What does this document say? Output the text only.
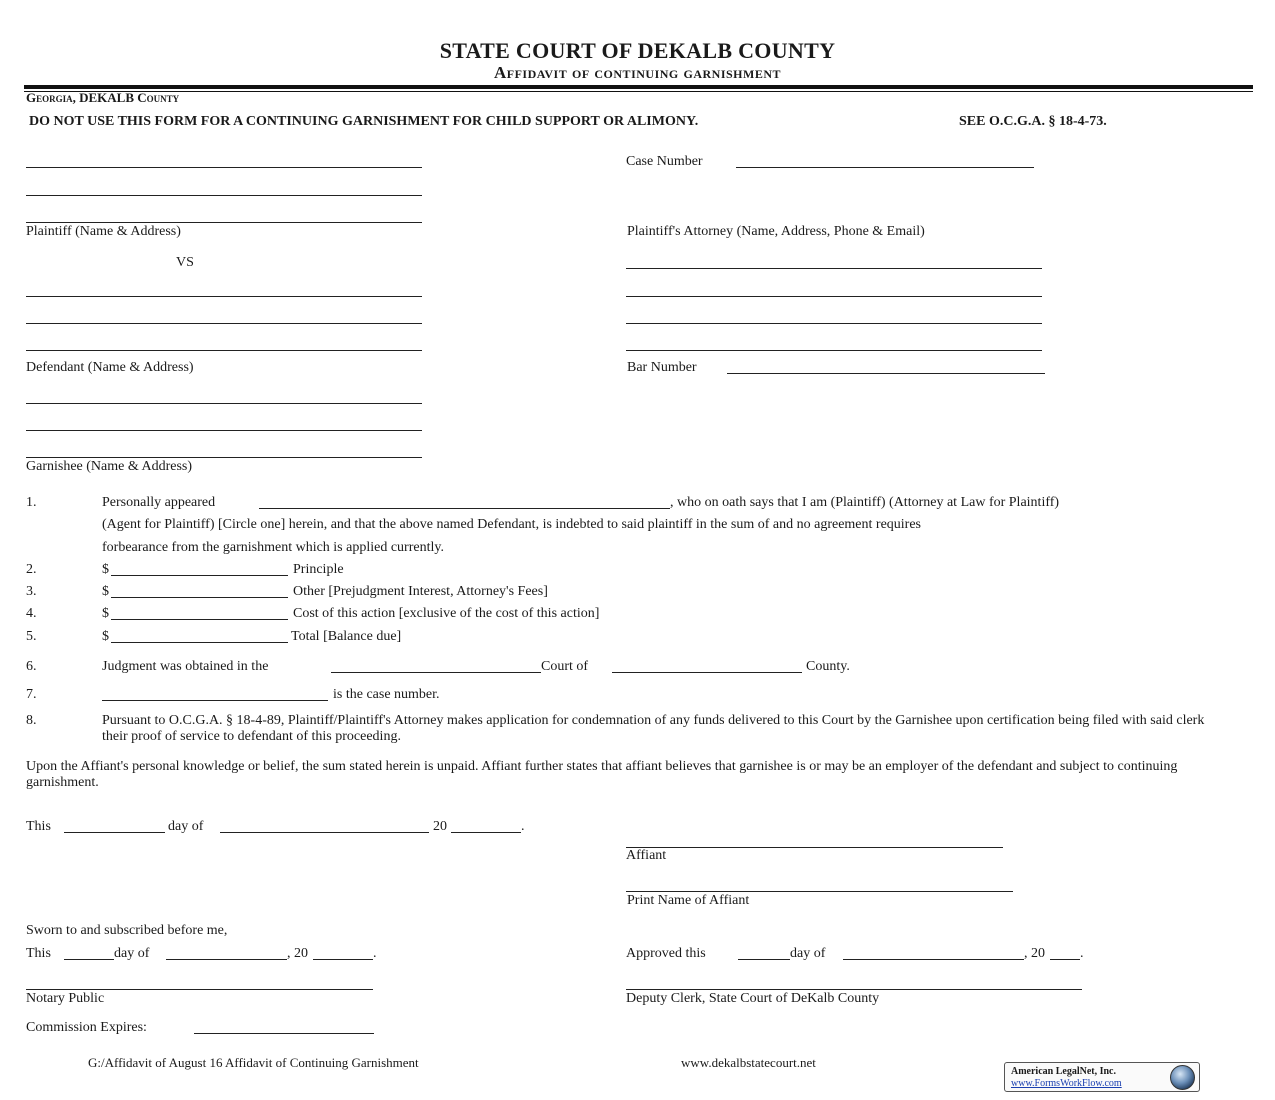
STATE COURT OF DEKALB COUNTY
Affidavit of continuing garnishment
Georgia, DEKALB County
DO NOT USE THIS FORM FOR A CONTINUING GARNISHMENT FOR CHILD SUPPORT OR ALIMONY.	SEE O.C.G.A. § 18-4-73.
Plaintiff (Name & Address)
VS
Defendant (Name & Address)
Garnishee (Name & Address)
Case Number
Plaintiff's Attorney (Name, Address, Phone & Email)
Bar Number
1.	Personally appeared	, who on oath says that I am (Plaintiff) (Attorney at Law for Plaintiff)
(Agent for Plaintiff) [Circle one] herein, and that the above named Defendant, is indebted to said plaintiff in the sum of and no agreement requires
forbearance from the garnishment which is applied currently.
2.	$	Principle
3.	$	Other [Prejudgment Interest, Attorney's Fees]
4.	$	Cost of this action [exclusive of the cost of this action]
5.	$	Total [Balance due]
6.	Judgment was obtained in the	Court of	County.
7.	is the case number.
8.	Pursuant to O.C.G.A. § 18-4-89, Plaintiff/Plaintiff's Attorney makes application for condemnation of any funds delivered to this Court by the Garnishee upon certification being filed with said clerk their proof of service to defendant of this proceeding.
Upon the Affiant's personal knowledge or belief, the sum stated herein is unpaid. Affiant further states that affiant believes that garnishee is or may be an employer of the defendant and subject to continuing garnishment.
This	day of	20	.
Affiant
Print Name of Affiant
Sworn to and subscribed before me,
This	day of	, 20	.
Notary Public
Commission Expires:
Approved this	day of	, 20	.
Deputy Clerk, State Court of DeKalb County
G:/Affidavit of August 16 Affidavit of Continuing Garnishment	www.dekalbstatecourt.net
American LegalNet, Inc.
www.FormsWorkFlow.com
